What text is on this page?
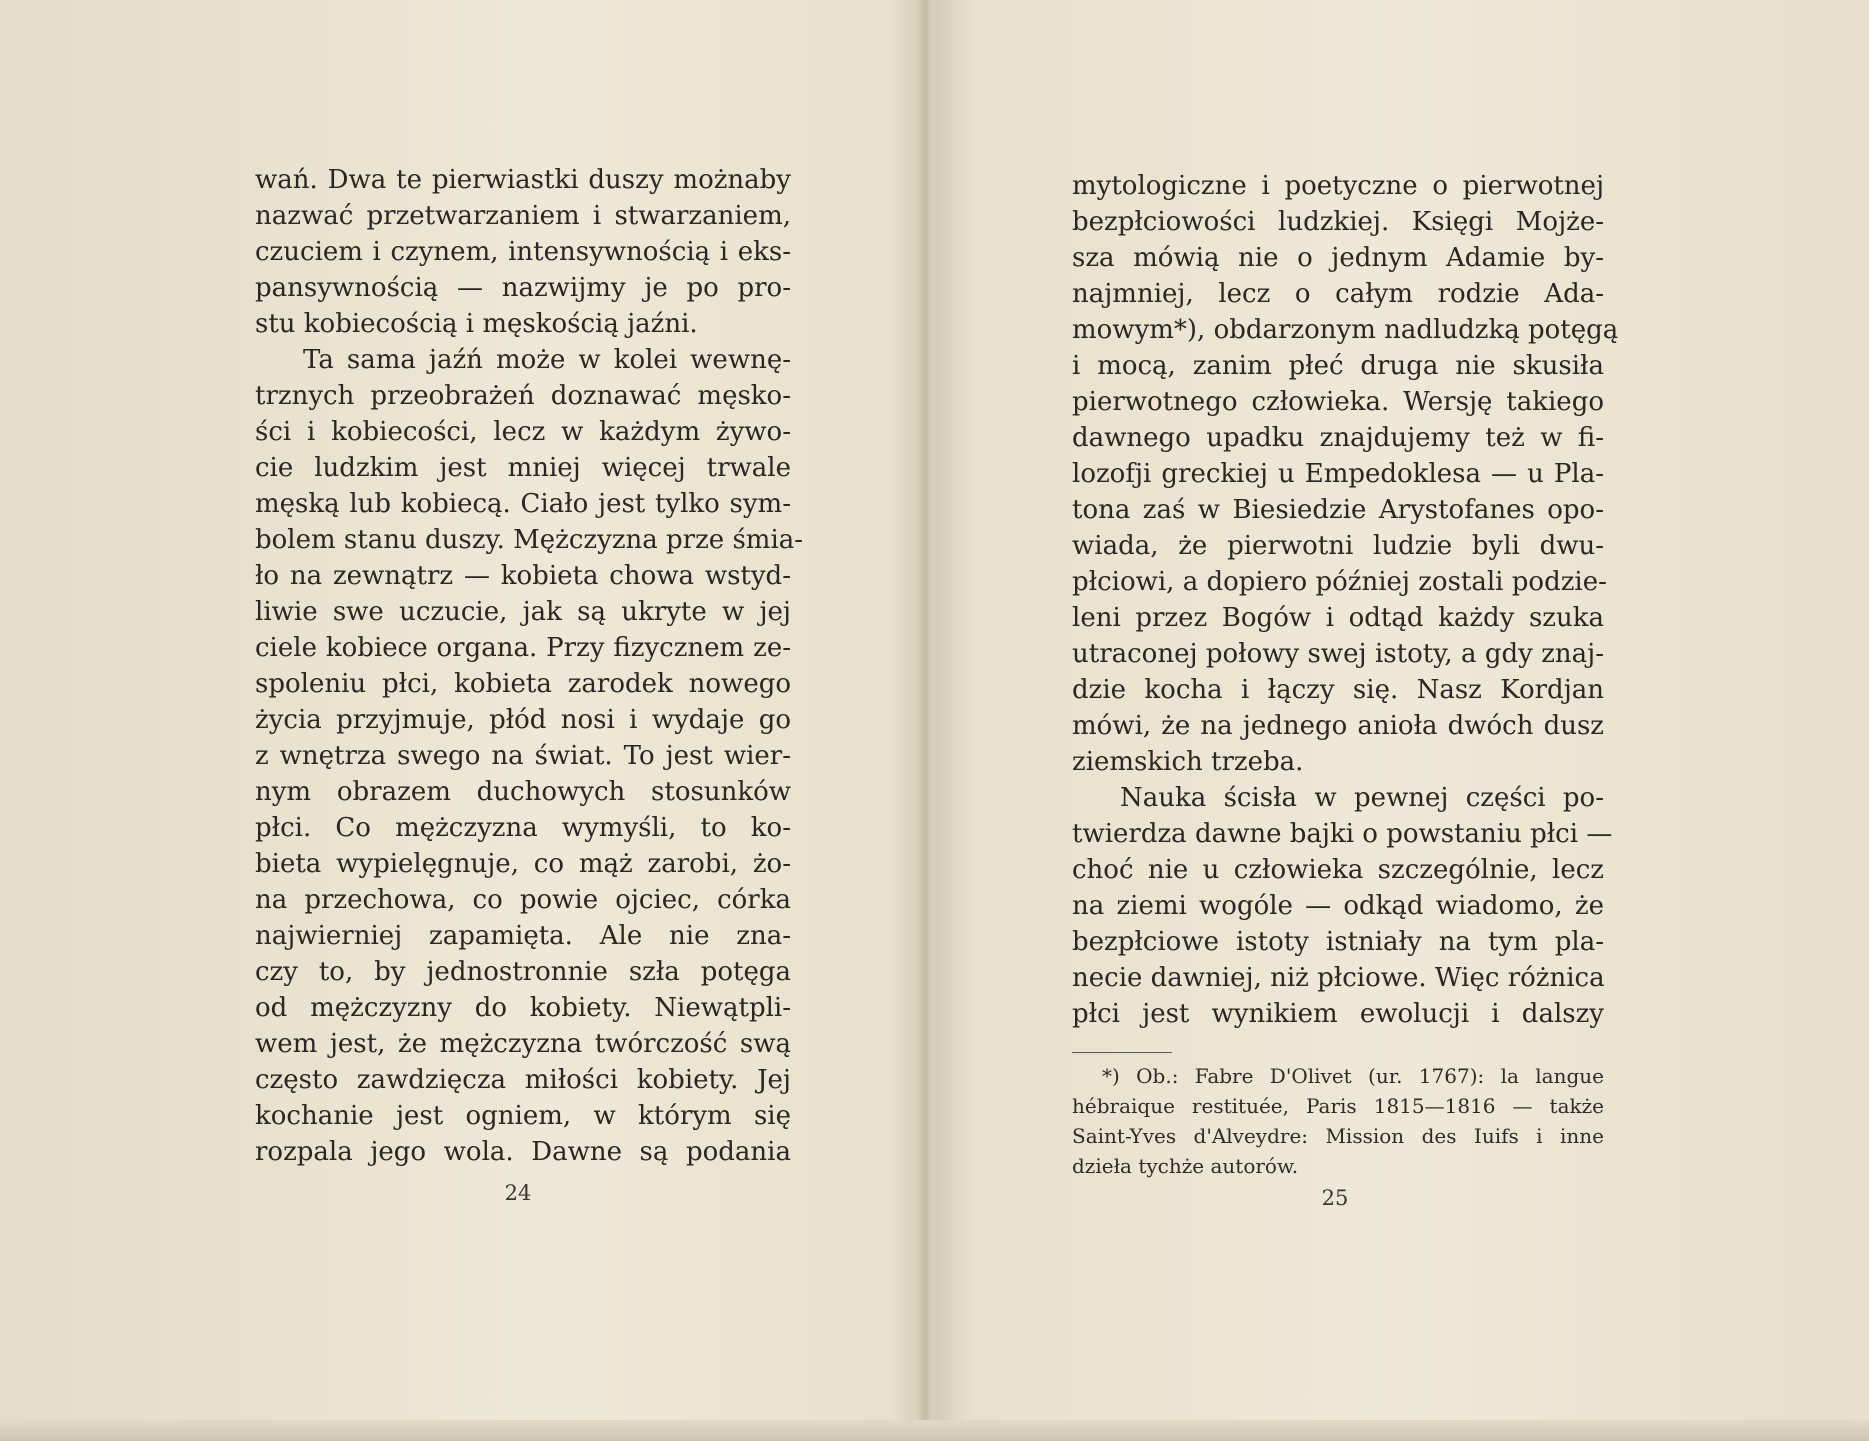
wań. Dwa te pierwiastki duszy możnaby
nazwać przetwarzaniem i stwarzaniem,
czuciem i czynem, intensywnością i eks-
pansywnością — nazwijmy je po pro-
stu kobiecością i męskością jaźni.
Ta sama jaźń może w kolei wewnę-
trznych przeobrażeń doznawać męsko-
ści i kobiecości, lecz w każdym żywo-
cie ludzkim jest mniej więcej trwale
męską lub kobiecą. Ciało jest tylko sym-
bolem stanu duszy. Mężczyzna prze śmia-
ło na zewnątrz — kobieta chowa wstyd-
liwie swe uczucie, jak są ukryte w jej
ciele kobiece organa. Przy fizycznem ze-
spoleniu płci, kobieta zarodek nowego
życia przyjmuje, płód nosi i wydaje go
z wnętrza swego na świat. To jest wier-
nym obrazem duchowych stosunków
płci. Co mężczyzna wymyśli, to ko-
bieta wypielęgnuje, co mąż zarobi, żo-
na przechowa, co powie ojciec, córka
najwierniej zapamięta. Ale nie zna-
czy to, by jednostronnie szła potęga
od mężczyzny do kobiety. Niewątpli-
wem jest, że mężczyzna twórczość swą
często zawdzięcza miłości kobiety. Jej
kochanie jest ogniem, w którym się
rozpala jego wola. Dawne są podania
24
mytologiczne i poetyczne o pierwotnej
bezpłciowości ludzkiej. Księgi Mojże-
sza mówią nie o jednym Adamie by-
najmniej, lecz o całym rodzie Ada-
mowym*), obdarzonym nadludzką potęgą
i mocą, zanim płeć druga nie skusiła
pierwotnego człowieka. Wersję takiego
dawnego upadku znajdujemy też w fi-
lozofji greckiej u Empedoklesa — u Pla-
tona zaś w Biesiedzie Arystofanes opo-
wiada, że pierwotni ludzie byli dwu-
płciowi, a dopiero później zostali podzie-
leni przez Bogów i odtąd każdy szuka
utraconej połowy swej istoty, a gdy znaj-
dzie kocha i łączy się. Nasz Kordjan
mówi, że na jednego anioła dwóch dusz
ziemskich trzeba.
Nauka ścisła w pewnej części po-
twierdza dawne bajki o powstaniu płci —
choć nie u człowieka szczególnie, lecz
na ziemi wogóle — odkąd wiadomo, że
bezpłciowe istoty istniały na tym pla-
necie dawniej, niż płciowe. Więc różnica
płci jest wynikiem ewolucji i dalszy
*) Ob.: Fabre D'Olivet (ur. 1767): la langue
hébraique restituée, Paris 1815—1816 — także
Saint-Yves d'Alveydre: Mission des Iuifs i inne
dzieła tychże autorów.
25
